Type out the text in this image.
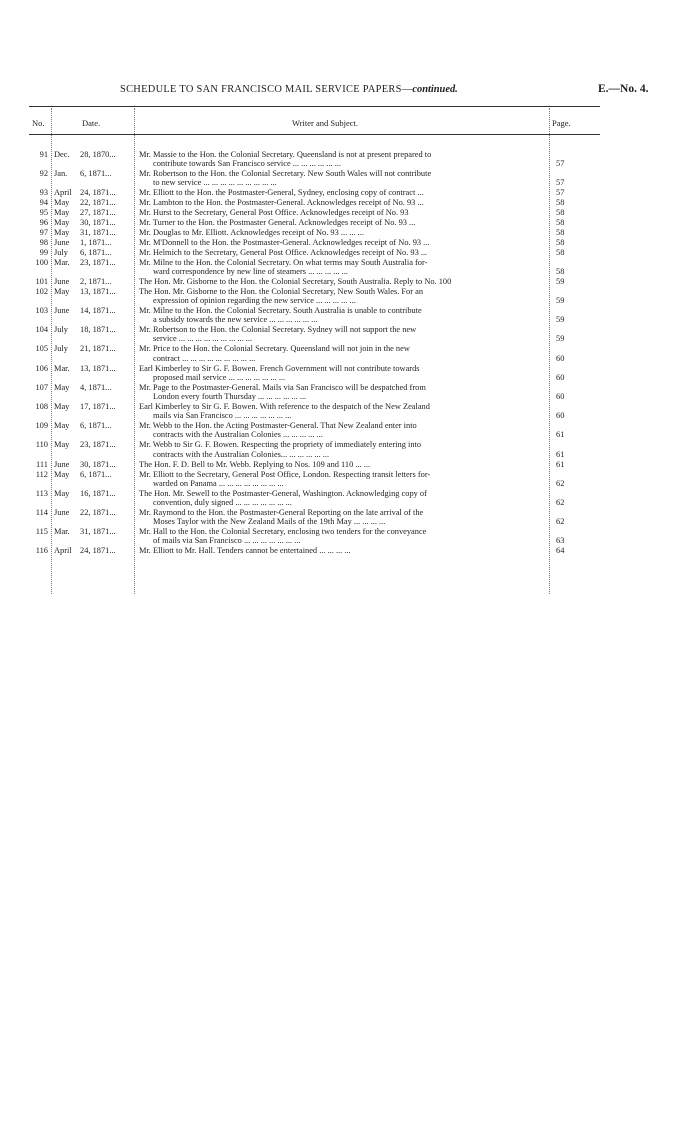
SCHEDULE TO SAN FRANCISCO MAIL SERVICE PAPERS—continued.	E.—No. 4.
No.	Date.	Writer and Subject.	Page.
91 Dec. 28, 1870...	Mr. Massie to the Hon. the Colonial Secretary. Queensland is not at present prepared to
contribute towards San Francisco service ... ... ... ... ... ...	57
92 Jan. 6, 1871...	Mr. Robertson to the Hon. the Colonial Secretary. New South Wales will not contribute
to new service ... ... ... ... ... ... ... ... ...	57
93 April 24, 1871...	Mr. Elliott to the Hon. the Postmaster-General, Sydney, enclosing copy of contract ...	57
94 May 22, 1871...	Mr. Lambton to the Hon. the Postmaster-General. Acknowledges receipt of No. 93 ...	58
95 May 27, 1871...	Mr. Hurst to the Secretary, General Post Office. Acknowledges receipt of No. 93	58
96 May 30, 1871...	Mr. Turner to the Hon. the Postmaster General. Acknowledges receipt of No. 93 ...	58
97 May 31, 1871...	Mr. Douglas to Mr. Elliott. Acknowledges receipt of No. 93 ... ... ...	58
98 June 1, 1871...	Mr. M'Donnell to the Hon. the Postmaster-General. Acknowledges receipt of No. 93 ...	58
99 July 6, 1871...	Mr. Helmich to the Secretary, General Post Office. Acknowledges receipt of No. 93 ...	58
100 Mar. 23, 1871...	Mr. Milne to the Hon. the Colonial Secretary. On what terms may South Australia for-
ward correspondence by new line of steamers ... ... ... ... ...	58
101 June 2, 1871...	The Hon. Mr. Gisborne to the Hon. the Colonial Secretary, South Australia. Reply to No. 100	59
102 May 13, 1871...	The Hon. Mr. Gisborne to the Hon. the Colonial Secretary, New South Wales. For an
expression of opinion regarding the new service ... ... ... ... ...	59
103 June 14, 1871...	Mr. Milne to the Hon. the Colonial Secretary. South Australia is unable to contribute
a subsidy towards the new service ... ... ... ... ... ...	59
104 July 18, 1871...	Mr. Robertson to the Hon. the Colonial Secretary. Sydney will not support the new
service ... ... ... ... ... ... ... ... ...	59
105 July 21, 1871...	Mr. Price to the Hon. the Colonial Secretary. Queensland will not join in the new
contract ... ... ... ... ... ... ... ... ...	60
106 Mar. 13, 1871...	Earl Kimberley to Sir G. F. Bowen. French Government will not contribute towards
proposed mail service ... ... ... ... ... ... ...	60
107 May 4, 1871...	Mr. Page to the Postmaster-General. Mails via San Francisco will be despatched from
London every fourth Thursday ... ... ... ... ... ...	60
108 May 17, 1871...	Earl Kimberley to Sir G. F. Bowen. With reference to the despatch of the New Zealand
mails via San Francisco ... ... ... ... ... ... ...	60
109 May 6, 1871...	Mr. Webb to the Hon. the Acting Postmaster-General. That New Zealand enter into
contracts with the Australian Colonies ... ... ... ... ...	61
110 May 23, 1871...	Mr. Webb to Sir G. F. Bowen. Respecting the propriety of immediately entering into
contracts with the Australian Colonies... ... ... ... ... ...	61
111 June 30, 1871...	The Hon. F. D. Bell to Mr. Webb. Replying to Nos. 109 and 110 ... ...	61
112 May 6, 1871...	Mr. Elliott to the Secretary, General Post Office, London. Respecting transit letters for-
warded on Panama ... ... ... ... ... ... ... ...	62
113 May 16, 1871...	The Hon. Mr. Sewell to the Postmaster-General, Washington. Acknowledging copy of
convention, duly signed ... ... ... ... ... ... ...	62
114 June 22, 1871...	Mr. Raymond to the Hon. the Postmaster-General Reporting on the late arrival of the
Moses Taylor with the New Zealand Mails of the 19th May ... ... ... ...	62
115 Mar. 31, 1871...	Mr. Hall to the Hon. the Colonial Secretary, enclosing two tenders for the conveyance
of mails via San Francisco ... ... ... ... ... ... ...	63
116 April 24, 1871...	Mr. Elliott to Mr. Hall. Tenders cannot be entertained ... ... ... ...	64
